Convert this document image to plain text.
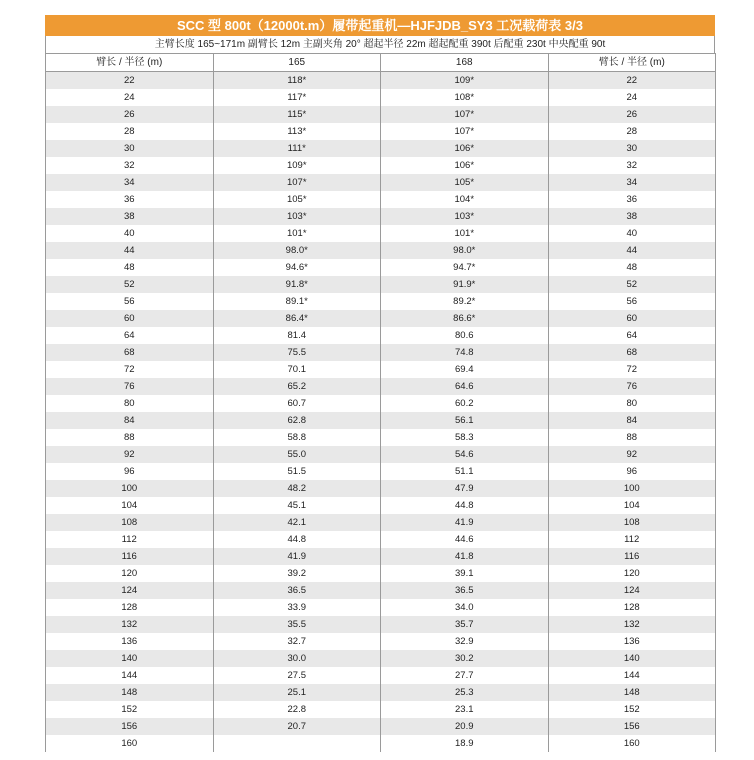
SCC 型 800t（12000t.m）履带起重机—HJFJDB_SY3 工况载荷表 3/3
主臂长度 165~171m 副臂长 12m 主副夹角 20° 超起半径 22m 超起配重 390t 后配重 230t 中央配重 90t
臂长 / 半径 (m)	165	168	臂长 / 半径 (m)
22	118*	109*	22
24	117*	108*	24
26	115*	107*	26
28	113*	107*	28
30	111*	106*	30
32	109*	106*	32
34	107*	105*	34
36	105*	104*	36
38	103*	103*	38
40	101*	101*	40
44	98.0*	98.0*	44
48	94.6*	94.7*	48
52	91.8*	91.9*	52
56	89.1*	89.2*	56
60	86.4*	86.6*	60
64	81.4	80.6	64
68	75.5	74.8	68
72	70.1	69.4	72
76	65.2	64.6	76
80	60.7	60.2	80
84	62.8	56.1	84
88	58.8	58.3	88
92	55.0	54.6	92
96	51.5	51.1	96
100	48.2	47.9	100
104	45.1	44.8	104
108	42.1	41.9	108
112	44.8	44.6	112
116	41.9	41.8	116
120	39.2	39.1	120
124	36.5	36.5	124
128	33.9	34.0	128
132	35.5	35.7	132
136	32.7	32.9	136
140	30.0	30.2	140
144	27.5	27.7	144
148	25.1	25.3	148
152	22.8	23.1	152
156	20.7	20.9	156
160		18.9	160
